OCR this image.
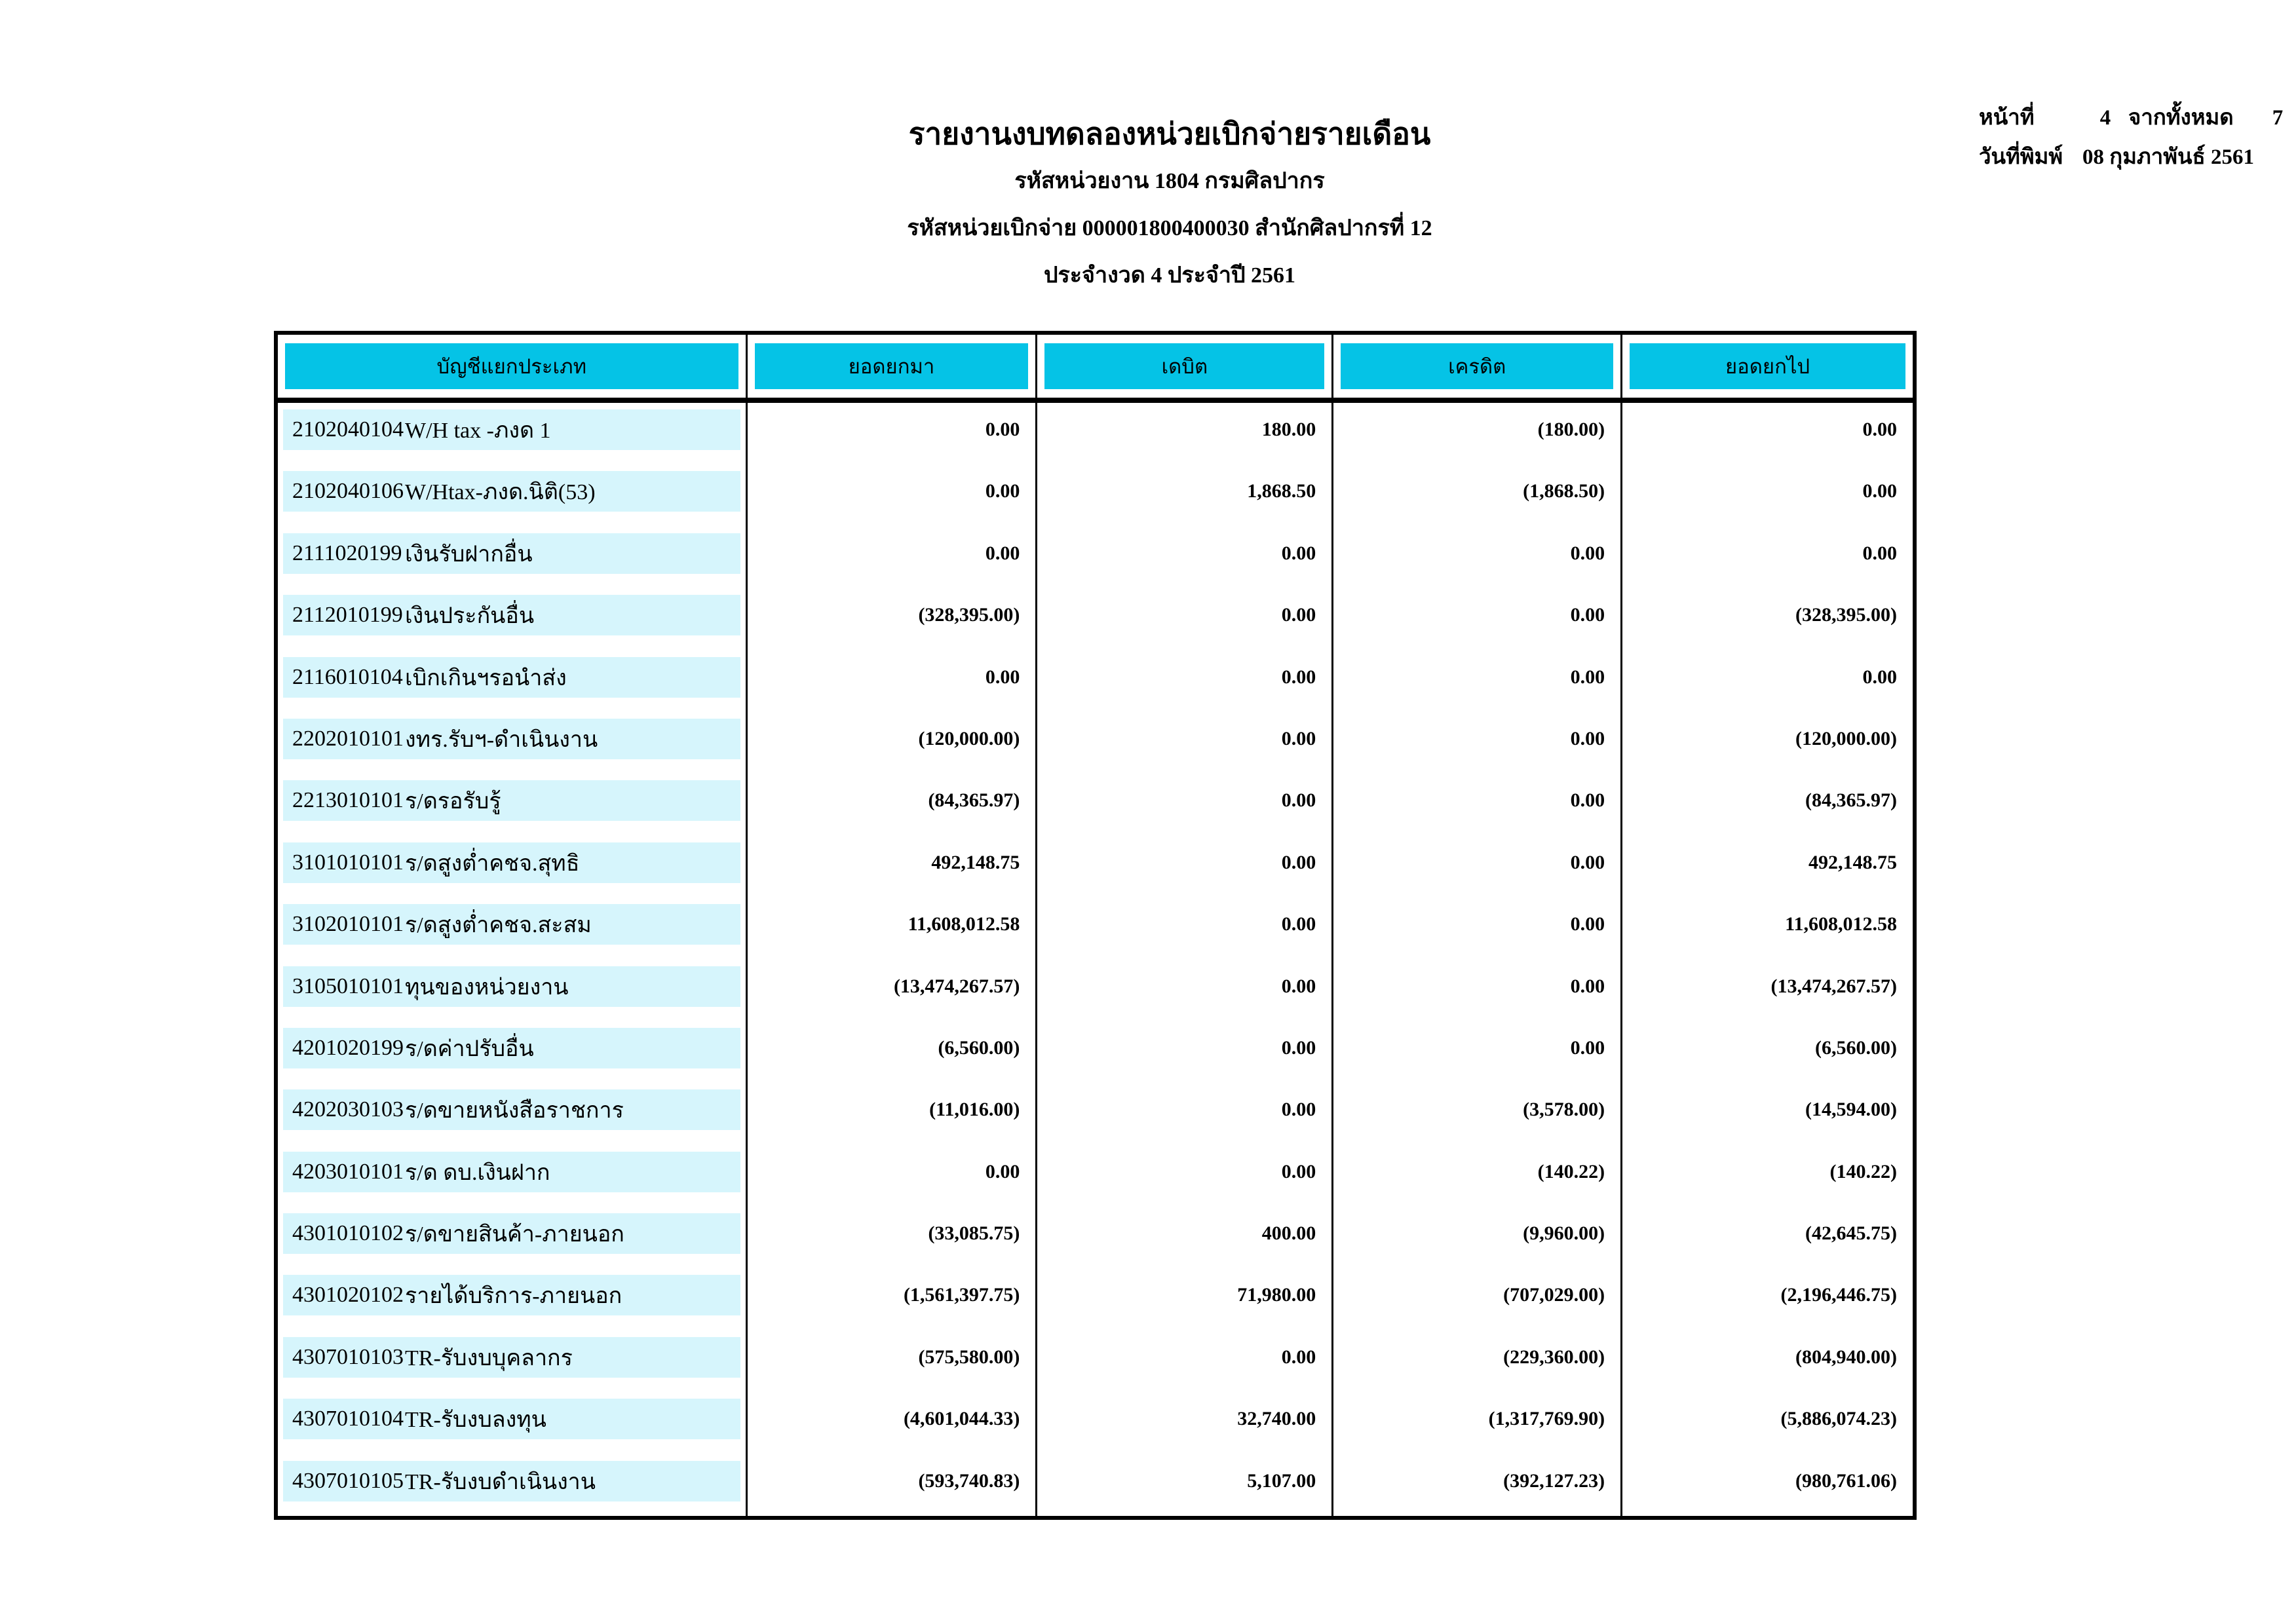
รายงานงบทดลองหน่วยเบิกจ่ายรายเดือน
รหัสหน่วยงาน 1804 กรมศิลปากร
รหัสหน่วยเบิกจ่าย 000001800400030 สำนักศิลปากรที่ 12
ประจำงวด 4 ประจำปี 2561
หน้าที่	4 จากทั้งหมด	7
วันที่พิมพ์ 08 กุมภาพันธ์ 2561
บัญชีแยกประเภท	ยอดยกมา	เดบิต	เครดิต	ยอดยกไป
2102040104 W/H tax -ภงด 1	0.00	180.00	(180.00)	0.00
2102040106 W/Htax-ภงด.นิติ(53)	0.00	1,868.50	(1,868.50)	0.00
2111020199 เงินรับฝากอื่น	0.00	0.00	0.00	0.00
2112010199 เงินประกันอื่น	(328,395.00)	0.00	0.00	(328,395.00)
2116010104 เบิกเกินฯรอนำส่ง	0.00	0.00	0.00	0.00
2202010101 งทร.รับฯ-ดำเนินงาน	(120,000.00)	0.00	0.00	(120,000.00)
2213010101 ร/ดรอรับรู้	(84,365.97)	0.00	0.00	(84,365.97)
3101010101 ร/ดสูงต่ำคชจ.สุทธิ	492,148.75	0.00	0.00	492,148.75
3102010101 ร/ดสูงต่ำคชจ.สะสม	11,608,012.58	0.00	0.00	11,608,012.58
3105010101 ทุนของหน่วยงาน	(13,474,267.57)	0.00	0.00	(13,474,267.57)
4201020199 ร/ดค่าปรับอื่น	(6,560.00)	0.00	0.00	(6,560.00)
4202030103 ร/ดขายหนังสือราชการ	(11,016.00)	0.00	(3,578.00)	(14,594.00)
4203010101 ร/ด ดบ.เงินฝาก	0.00	0.00	(140.22)	(140.22)
4301010102 ร/ดขายสินค้า-ภายนอก	(33,085.75)	400.00	(9,960.00)	(42,645.75)
4301020102 รายได้บริการ-ภายนอก	(1,561,397.75)	71,980.00	(707,029.00)	(2,196,446.75)
4307010103 TR-รับงบบุคลากร	(575,580.00)	0.00	(229,360.00)	(804,940.00)
4307010104 TR-รับงบลงทุน	(4,601,044.33)	32,740.00	(1,317,769.90)	(5,886,074.23)
4307010105 TR-รับงบดำเนินงาน	(593,740.83)	5,107.00	(392,127.23)	(980,761.06)
